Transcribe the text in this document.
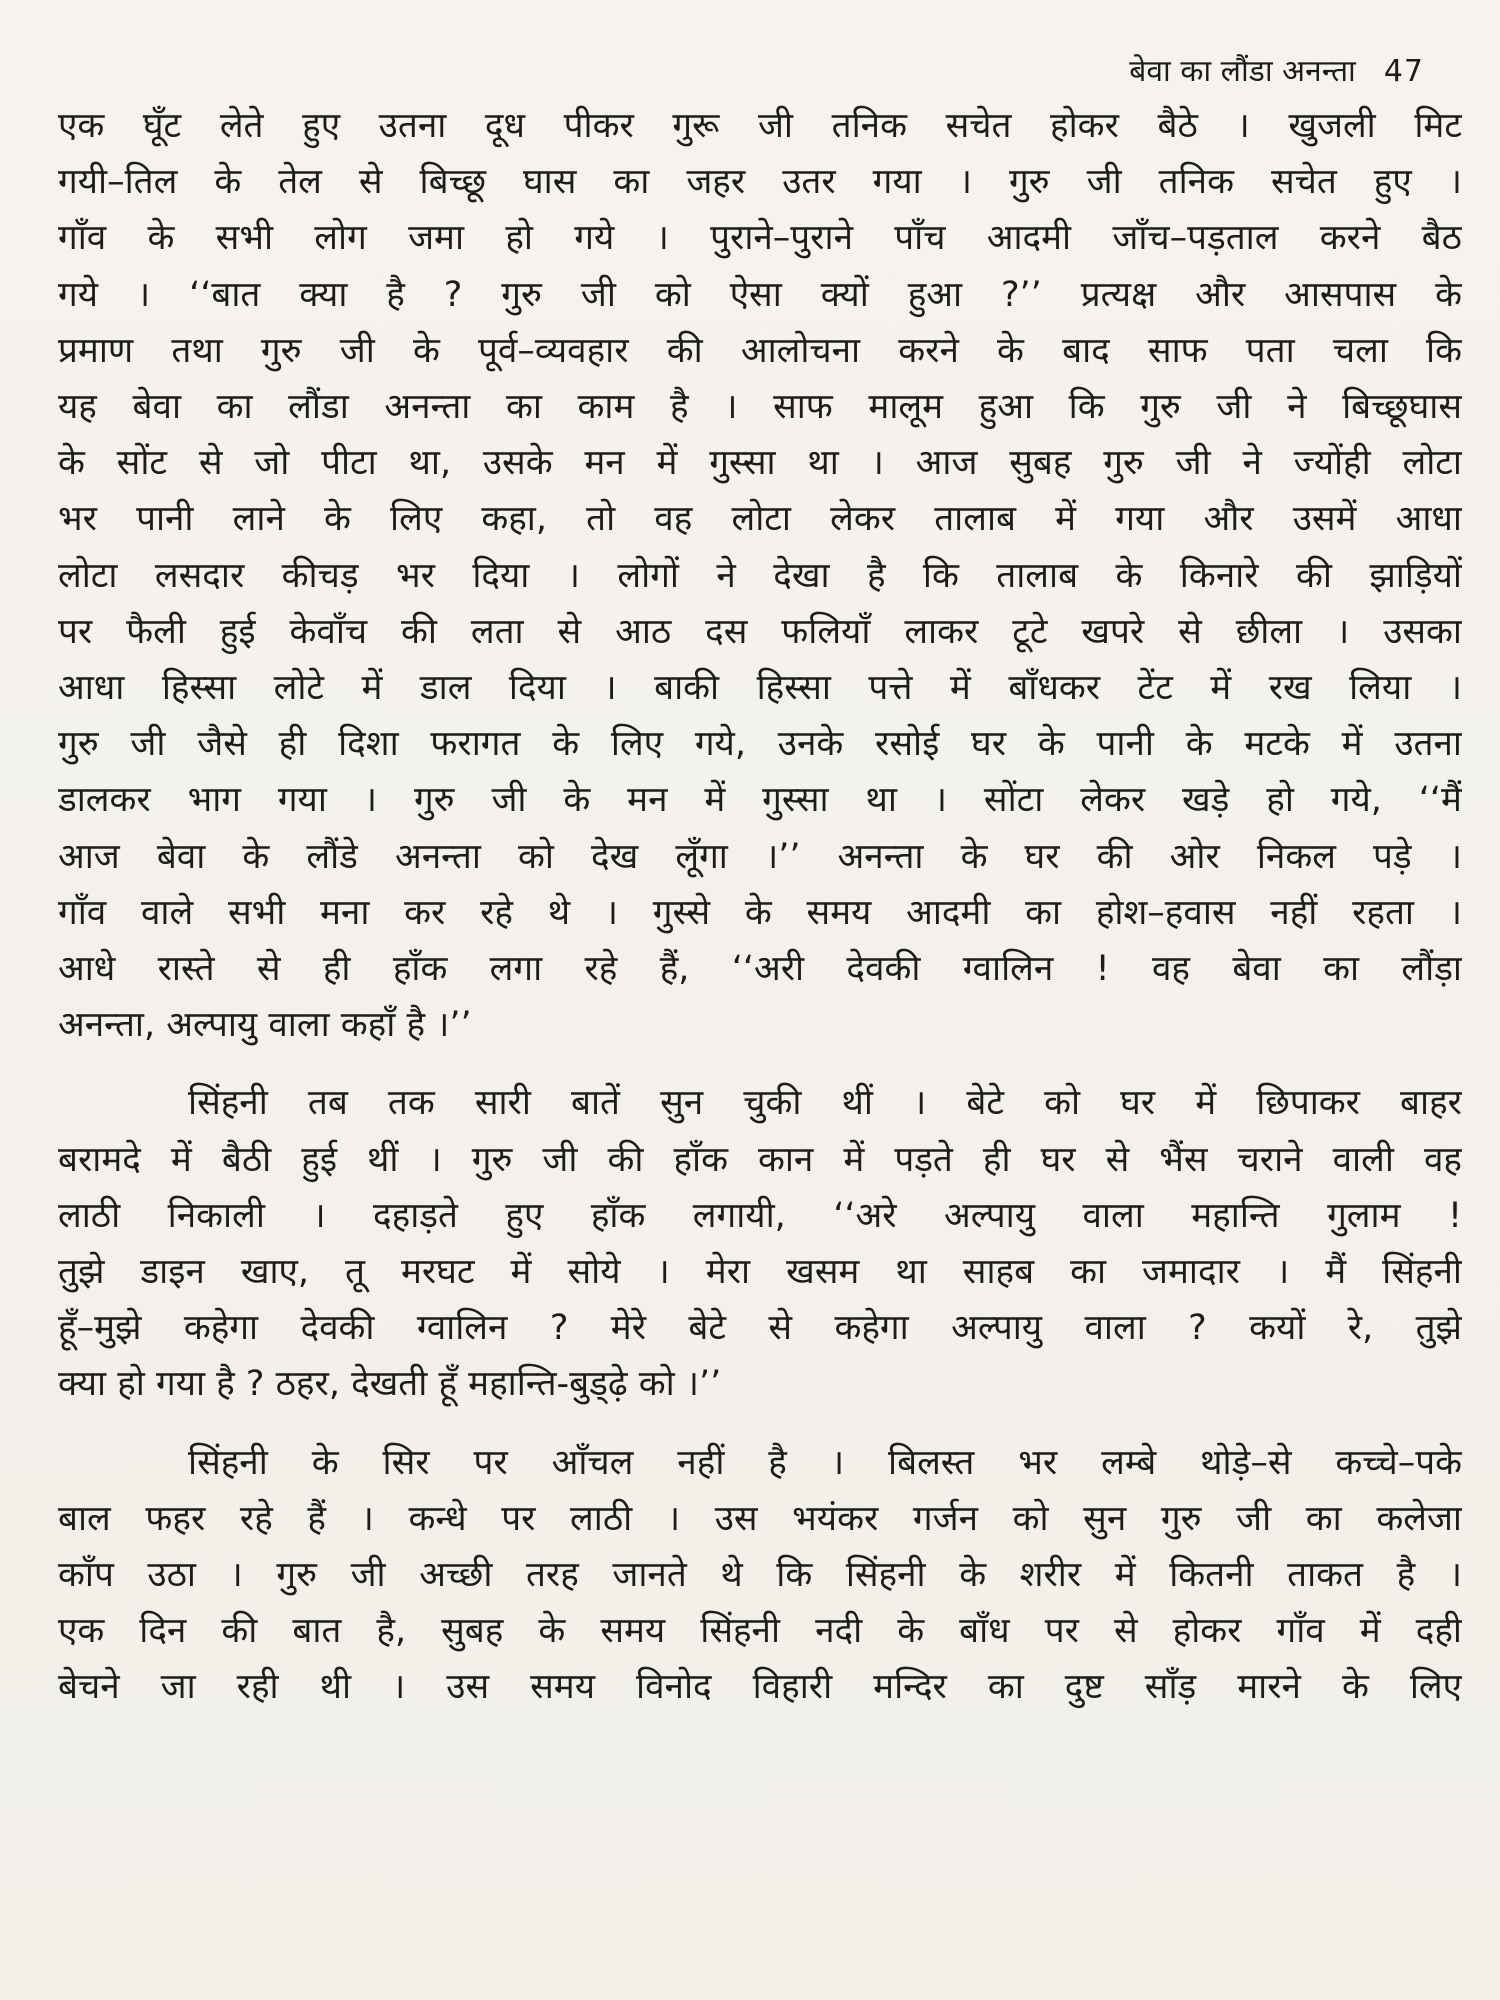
बेवा का लौंडा अनन्ता 47
एक घूँट लेते हुए उतना दूध पीकर गुरू जी तनिक सचेत होकर बैठे । खुजली मिट
गयी–तिल के तेल से बिच्छू घास का जहर उतर गया । गुरु जी तनिक सचेत हुए ।
गाँव के सभी लोग जमा हो गये । पुराने–पुराने पाँच आदमी जाँच–पड़ताल करने बैठ
गये । ‘‘बात क्या है ? गुरु जी को ऐसा क्यों हुआ ?’’ प्रत्यक्ष और आसपास के
प्रमाण तथा गुरु जी के पूर्व–व्यवहार की आलोचना करने के बाद साफ पता चला कि
यह बेवा का लौंडा अनन्ता का काम है । साफ मालूम हुआ कि गुरु जी ने बिच्छूघास
के सोंट से जो पीटा था, उसके मन में गुस्सा था । आज सुबह गुरु जी ने ज्योंही लोटा
भर पानी लाने के लिए कहा, तो वह लोटा लेकर तालाब में गया और उसमें आधा
लोटा लसदार कीचड़ भर दिया । लोगों ने देखा है कि तालाब के किनारे की झाड़ियों
पर फैली हुई केवाँच की लता से आठ दस फलियाँ लाकर टूटे खपरे से छीला । उसका
आधा हिस्सा लोटे में डाल दिया । बाकी हिस्सा पत्ते में बाँधकर टेंट में रख लिया ।
गुरु जी जैसे ही दिशा फरागत के लिए गये, उनके रसोई घर के पानी के मटके में उतना
डालकर भाग गया । गुरु जी के मन में गुस्सा था । सोंटा लेकर खड़े हो गये, ‘‘मैं
आज बेवा के लौंडे अनन्ता को देख लूँगा ।’’ अनन्ता के घर की ओर निकल पड़े ।
गाँव वाले सभी मना कर रहे थे । गुस्से के समय आदमी का होश–हवास नहीं रहता ।
आधे रास्ते से ही हाँक लगा रहे हैं, ‘‘अरी देवकी ग्वालिन ! वह बेवा का लौंड़ा
अनन्ता, अल्पायु वाला कहाँ है ।’’
सिंहनी तब तक सारी बातें सुन चुकी थीं । बेटे को घर में छिपाकर बाहर
बरामदे में बैठी हुई थीं । गुरु जी की हाँक कान में पड़ते ही घर से भैंस चराने वाली वह
लाठी निकाली । दहाड़ते हुए हाँक लगायी, ‘‘अरे अल्पायु वाला महान्ति गुलाम !
तुझे डाइन खाए, तू मरघट में सोये । मेरा खसम था साहब का जमादार । मैं सिंहनी
हूँ–मुझे कहेगा देवकी ग्वालिन ? मेरे बेटे से कहेगा अल्पायु वाला ? कयों रे, तुझे
क्या हो गया है ? ठहर, देखती हूँ महान्ति-बुड्ढ़े को ।’’
सिंहनी के सिर पर आँचल नहीं है । बिलस्त भर लम्बे थोड़े–से कच्चे–पके
बाल फहर रहे हैं । कन्धे पर लाठी । उस भयंकर गर्जन को सुन गुरु जी का कलेजा
काँप उठा । गुरु जी अच्छी तरह जानते थे कि सिंहनी के शरीर में कितनी ताकत है ।
एक दिन की बात है, सुबह के समय सिंहनी नदी के बाँध पर से होकर गाँव में दही
बेचने जा रही थी । उस समय विनोद विहारी मन्दिर का दुष्ट साँड़ मारने के लिए
